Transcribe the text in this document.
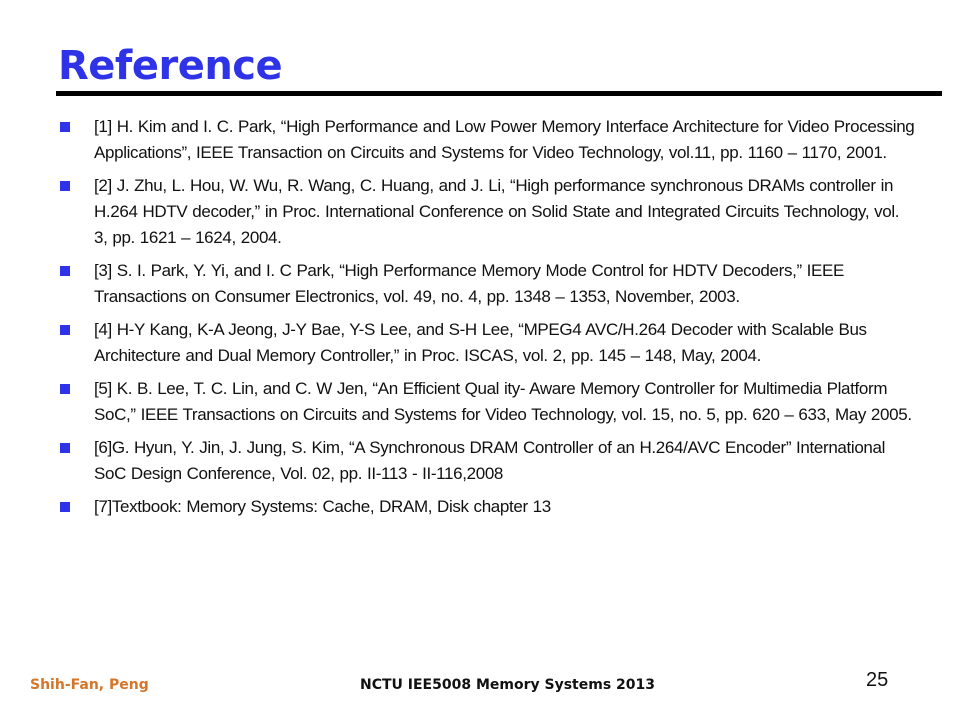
Reference
[1] H. Kim and I. C. Park, “High Performance and Low Power Memory Interface Architecture for Video Processing Applications”, IEEE Transaction on Circuits and Systems for Video Technology, vol.11, pp. 1160 – 1170, 2001.
[2] J. Zhu, L. Hou, W. Wu, R. Wang, C. Huang, and J. Li, “High performance synchronous DRAMs controller in H.264 HDTV decoder,” in Proc. International Conference on Solid State and Integrated Circuits Technology, vol. 3, pp. 1621 – 1624, 2004.
[3] S. I. Park, Y. Yi, and I. C Park, “High Performance Memory Mode Control for HDTV Decoders,” IEEE Transactions on Consumer Electronics, vol. 49, no. 4, pp. 1348 – 1353, November, 2003.
[4] H-Y Kang, K-A Jeong, J-Y Bae, Y-S Lee, and S-H Lee, “MPEG4 AVC/H.264 Decoder with Scalable Bus Architecture and Dual Memory Controller,” in Proc. ISCAS, vol. 2, pp. 145 – 148, May, 2004.
[5] K. B. Lee, T. C. Lin, and C. W Jen, “An Efficient Qual ity- Aware Memory Controller for Multimedia Platform SoC,” IEEE Transactions on Circuits and Systems for Video Technology, vol. 15, no. 5, pp. 620 – 633, May 2005.
[6]G. Hyun, Y. Jin, J. Jung, S. Kim, “A Synchronous DRAM Controller of an H.264/AVC Encoder” International SoC Design Conference, Vol. 02, pp. II-113 - II-116,2008
[7]Textbook: Memory Systems: Cache, DRAM, Disk chapter 13
Shih-Fan, Peng	NCTU IEE5008 Memory Systems 2013	25
